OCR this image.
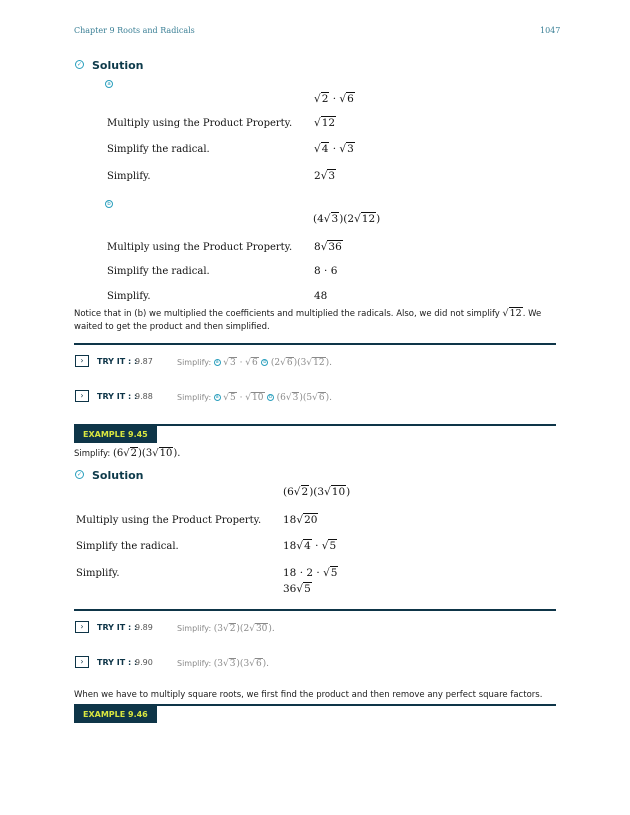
Chapter 9 Roots and Radicals	1047
✓ Solution
a
√2 · √6
Multiply using the Product Property. √12
Simplify the radical.	√4 · √3
Simplify.	2√3
b
(4√3)(2√12)
Multiply using the Product Property. 8√36
Simplify the radical.	8 · 6
Simplify.	48
Notice that in (b) we multiplied the coefficients and multiplied the radicals. Also, we did not simplify √12. We waited to get the product and then simplified.
›	TRY IT : :
9.87	Simplify: a √3 · √6 b (2√6)(3√12).
›	TRY IT : :
9.88	Simplify: a √5 · √10 b (6√3)(5√6).
EXAMPLE 9.45
Simplify: (6√2)(3√10).
✓ Solution
(6√2)(3√10)
Multiply using the Product Property. 18√20
Simplify the radical.	18√4 · √5
Simplify.	18 · 2 · √5
36√5
›	TRY IT : :
9.89	Simplify: (3√2)(2√30).
›	TRY IT : :
9.90	Simplify: (3√3)(3√6).
When we have to multiply square roots, we first find the product and then remove any perfect square factors.
EXAMPLE 9.46
